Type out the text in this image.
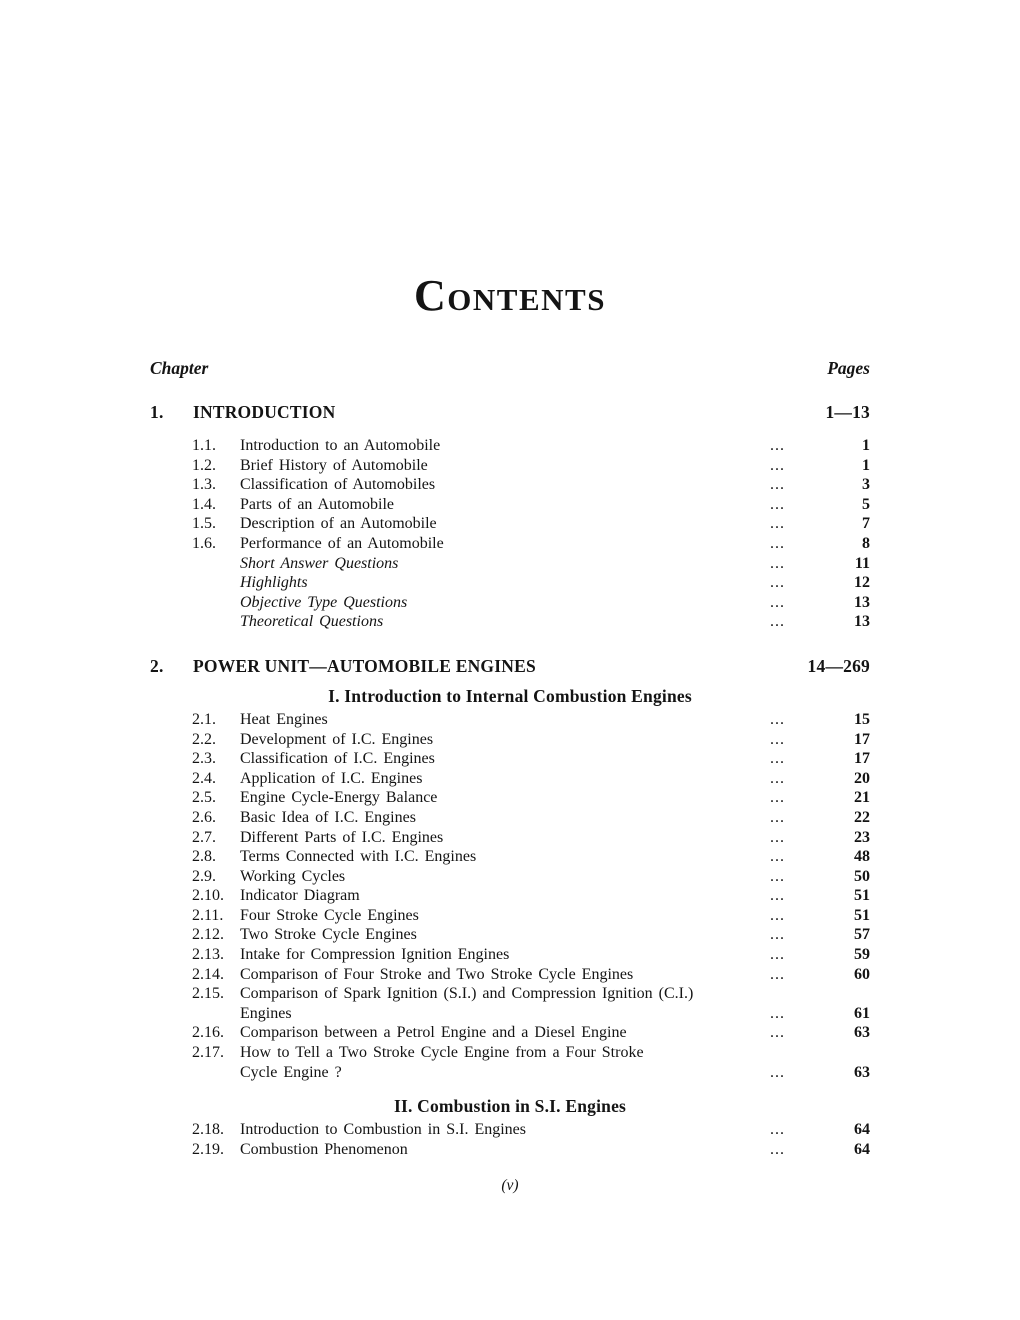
CONTENTS
Chapter	Pages
1.	INTRODUCTION	1—13
1.1.	Introduction to an Automobile	...	1
1.2.	Brief History of Automobile	...	1
1.3.	Classification of Automobiles	...	3
1.4.	Parts of an Automobile	...	5
1.5.	Description of an Automobile	...	7
1.6.	Performance of an Automobile	...	8
Short Answer Questions	...	11
Highlights	...	12
Objective Type Questions	...	13
Theoretical Questions	...	13
2.	POWER UNIT—AUTOMOBILE ENGINES	14—269
I. Introduction to Internal Combustion Engines
2.1.	Heat Engines	...	15
2.2.	Development of I.C. Engines	...	17
2.3.	Classification of I.C. Engines	...	17
2.4.	Application of I.C. Engines	...	20
2.5.	Engine Cycle-Energy Balance	...	21
2.6.	Basic Idea of I.C. Engines	...	22
2.7.	Different Parts of I.C. Engines	...	23
2.8.	Terms Connected with I.C. Engines	...	48
2.9.	Working Cycles	...	50
2.10.	Indicator Diagram	...	51
2.11.	Four Stroke Cycle Engines	...	51
2.12.	Two Stroke Cycle Engines	...	57
2.13.	Intake for Compression Ignition Engines	...	59
2.14.	Comparison of Four Stroke and Two Stroke Cycle Engines	...	60
2.15.	Comparison of Spark Ignition (S.I.) and Compression Ignition (C.I.)
Engines	...	61
2.16.	Comparison between a Petrol Engine and a Diesel Engine	...	63
2.17.	How to Tell a Two Stroke Cycle Engine from a Four Stroke
Cycle Engine ?	...	63
II. Combustion in S.I. Engines
2.18.	Introduction to Combustion in S.I. Engines	...	64
2.19.	Combustion Phenomenon	...	64
(v)
